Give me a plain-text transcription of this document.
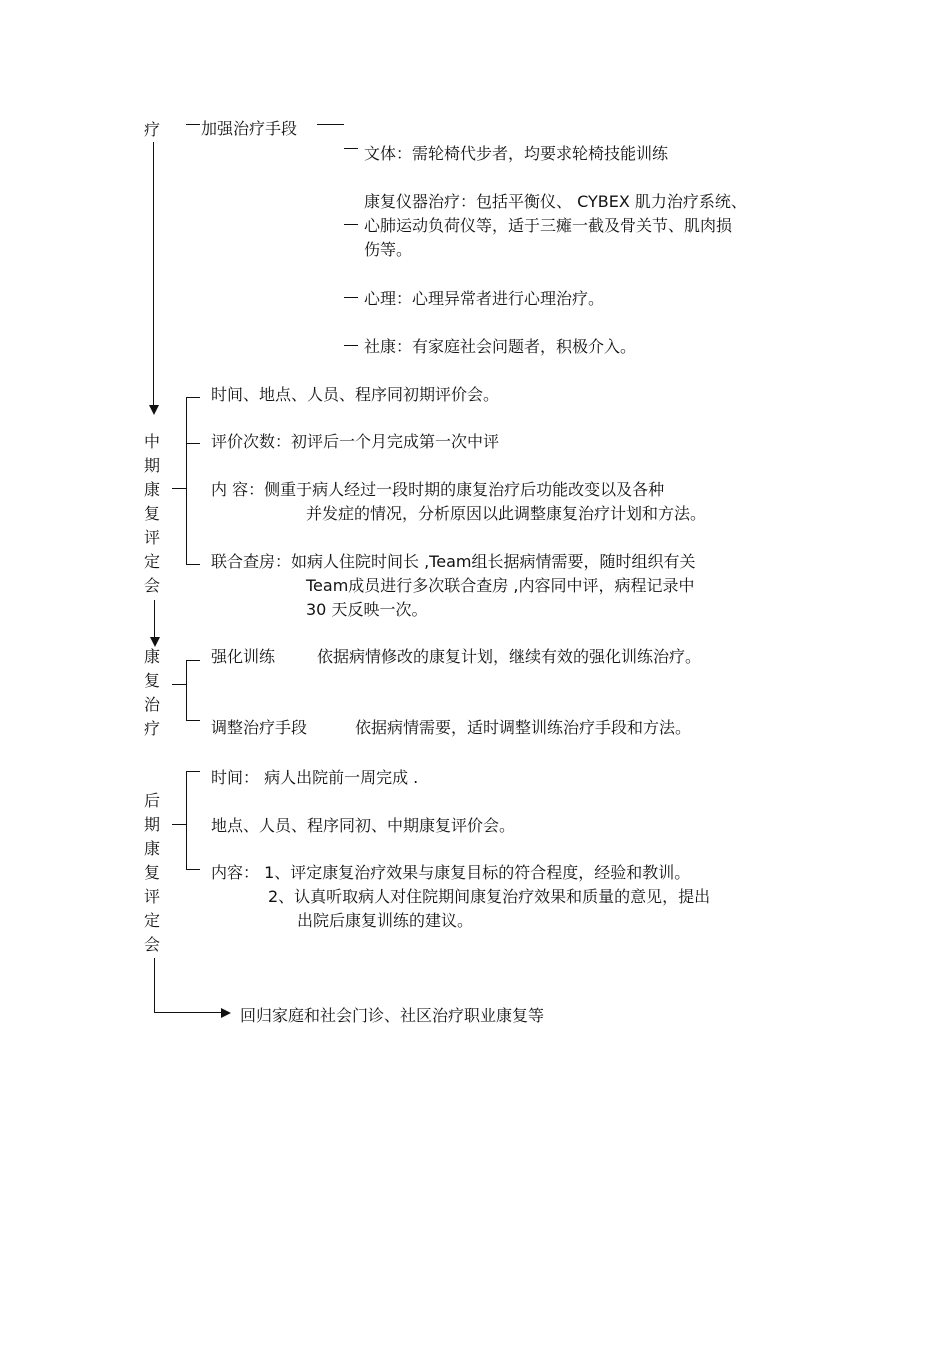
疗	加强治疗手段
文体：需轮椅代步者，均要求轮椅技能训练
康复仪器治疗：包括平衡仪、 CYBEX 肌力治疗系统、
心肺运动负荷仪等，适于三瘫一截及骨关节、肌肉损
伤等。
心理：心理异常者进行心理治疗。
社康：有家庭社会问题者，积极介入。
中
期
康
复
评
定
会
时间、地点、人员、程序同初期评价会。
评价次数：初评后一个月完成第一次中评
内 容：侧重于病人经过一段时期的康复治疗后功能改变以及各种
并发症的情况，分析原因以此调整康复治疗计划和方法。
联合查房：如病人住院时间长 ,Team组长据病情需要，随时组织有关
Team成员进行多次联合查房 ,内容同中评，病程记录中
30 天反映一次。
康
复
治
疗
强化训练	依据病情修改的康复计划，继续有效的强化训练治疗。
调整治疗手段	依据病情需要，适时调整训练治疗手段和方法。
后
期
康
复
评
定
会
时间： 病人出院前一周完成 .
地点、人员、程序同初、中期康复评价会。
内容： 1、评定康复治疗效果与康复目标的符合程度，经验和教训。
2、认真听取病人对住院期间康复治疗效果和质量的意见，提出
出院后康复训练的建议。
回归家庭和社会门诊、社区治疗职业康复等
